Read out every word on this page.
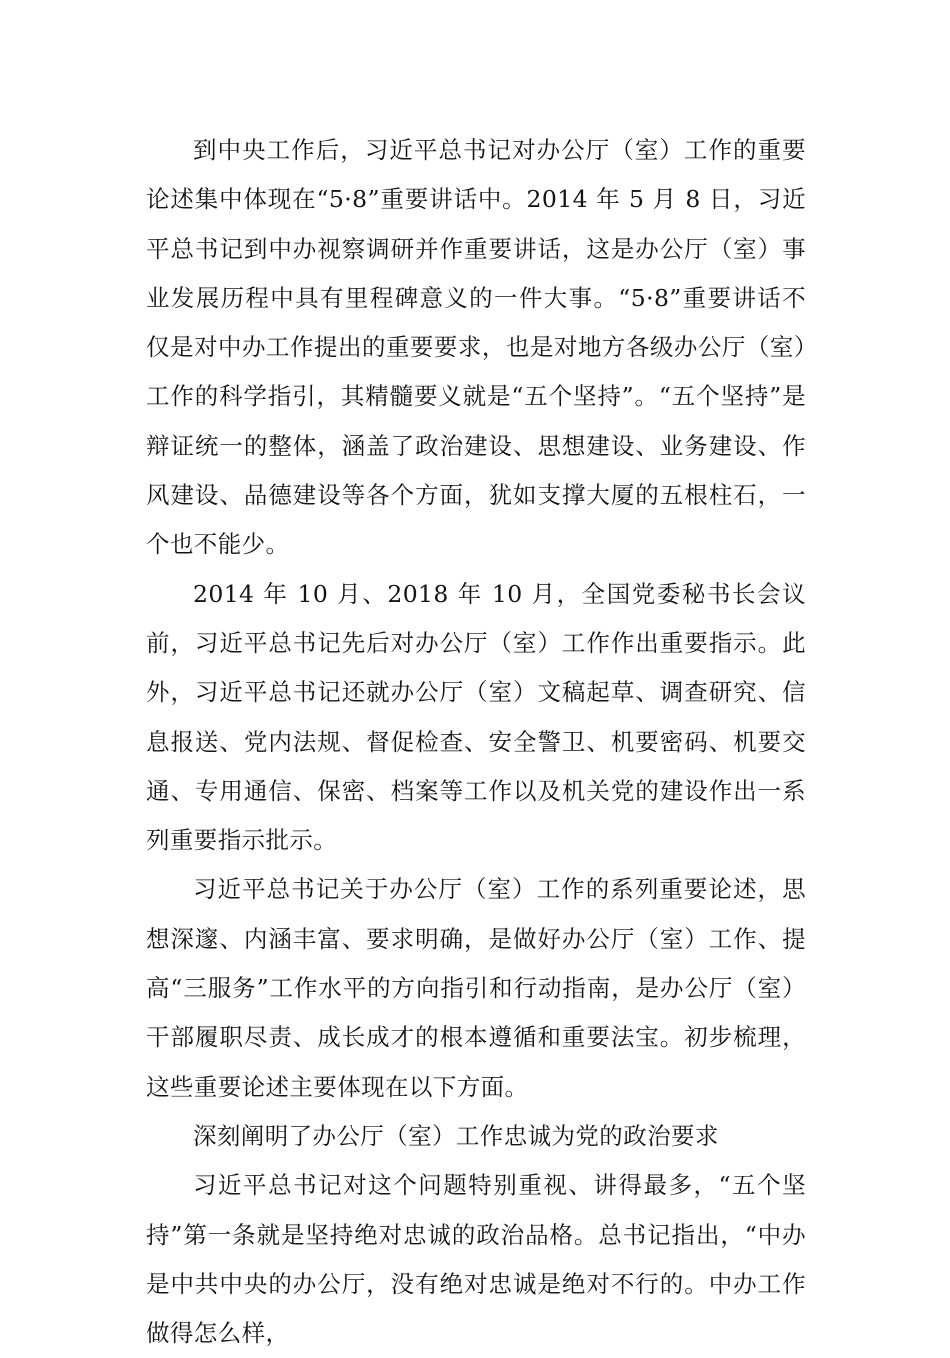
到中央工作后，习近平总书记对办公厅（室）工作的重要论述集中体现在“5·8”重要讲话中。2014 年 5 月 8 日，习近平总书记到中办视察调研并作重要讲话，这是办公厅（室）事业发展历程中具有里程碑意义的一件大事。“5·8”重要讲话不仅是对中办工作提出的重要要求，也是对地方各级办公厅（室）工作的科学指引，其精髓要义就是“五个坚持”。“五个坚持”是辩证统一的整体，涵盖了政治建设、思想建设、业务建设、作风建设、品德建设等各个方面，犹如支撑大厦的五根柱石，一个也不能少。

2014 年 10 月、2018 年 10 月，全国党委秘书长会议前，习近平总书记先后对办公厅（室）工作作出重要指示。此外，习近平总书记还就办公厅（室）文稿起草、调查研究、信息报送、党内法规、督促检查、安全警卫、机要密码、机要交通、专用通信、保密、档案等工作以及机关党的建设作出一系列重要指示批示。

习近平总书记关于办公厅（室）工作的系列重要论述，思想深邃、内涵丰富、要求明确，是做好办公厅（室）工作、提高“三服务”工作水平的方向指引和行动指南，是办公厅（室）干部履职尽责、成长成才的根本遵循和重要法宝。初步梳理，这些重要论述主要体现在以下方面。

深刻阐明了办公厅（室）工作忠诚为党的政治要求

习近平总书记对这个问题特别重视、讲得最多，“五个坚持”第一条就是坚持绝对忠诚的政治品格。总书记指出，“中办是中共中央的办公厅，没有绝对忠诚是绝对不行的。中办工作做得怎么样，
